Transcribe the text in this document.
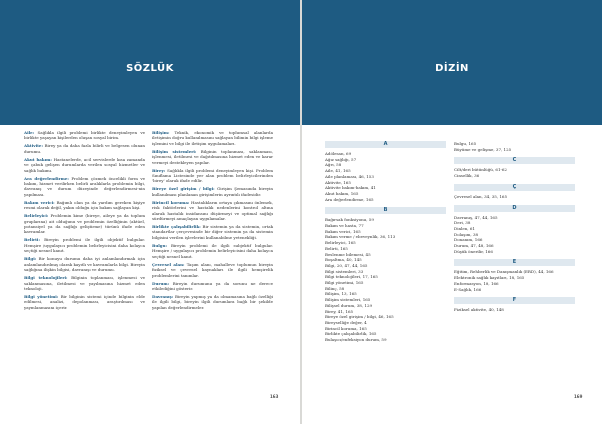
SÖZLÜK
Aile: Sağlıkla ilgili problemi birlikte deneyimleyen ve birlikte yaşayan kişilerden oluşan sosyal birim.
Aktivite: Birey ya da daha fazla bilirli ve belgesen olunan durumu.
Akut bakım: Hastanelerde, acil servislerde kısa zamanda ve çabuk gelişen durumlarda verilen sosyal hizmetler ve sağlık bakımı.
Ara değerlendirme: Problem çözmek öncelikli form ve bakım, hizmet verilirken belirli aralıklarla problemin bilgi, davranış ve durum düzeyinde değerlendirmesi-nin yapılması.
Bakım verici: Bağımlı olan ya da yardım gereken kişiye resmi olarak değil, yakın olduğu için bakım sağlayan kişi.
Belirleyici: Problemin kime (bireye, aileye ya da toplum gruplarına) ait olduğunu ve problemin özelliğinin (aktüel, potansiyel ya da sağlığı geliştirme) türünü ifade eden kavramlar.
Belirti: Bireyin problemi ile ilgili objektif bulgular. Hemşire /uygulayıcı problemin belirleyicisini daha kolayca seçtiği nesnel kanıt.
Bilgi: Bir konuyu durumu daha iyi anlamlandırmak için anlamlandırılmış olarak kayıtlı ve kavramlarla bilgi. Bireyin sağlığına ilişkin bilgisi, davranışı ve durumu.
Bilgi teknolojileri: Bilginin toplanması, işlenmesi ve saklanmasına, iletilmesi ve yayılmasına hizmet eden teknoloji.
Bilgi yönetimi: Bir bilginin sistemi içinde bilginin elde edilmesi, analizi, depolanması, araştırılması ve yaymlanmasını içerir.
Bilişim: Teknik, ekonomik ve toplumsal alanlarda iletişimin doğru kullanılmasını sağlayan bilimin bilgi işleme işlemini ve bilgi ile iletişim uygulamaları.
Bilişim sistemleri: Bilginin toplanması, saklanması, işlenmesi, iletilmesi ve dağıtılmasına hizmet eden ve karar vermeyi destekleyen yapılar.
Birey: Sağlıkla ilgili problemi deneyimleyen kişi. Problem Sınıflama Listesinde yer alan problem belirleyicilerinden 'birey' olarak ifade edilir.
Bireye özel girişim / bilgi: Girişim Şemasında bireyin kullanılması planlanan girişimlerin ayrıntılı ifadesidir.
Birincil koruma: Hastalıkların ortaya çıkmasını önlemek, risk faktörlerini ve hastalık nedenlerini kontrol altına alarak hastalık insidansını düşürmeyi ve optimal sağlığı sürdürmeyi amaçlayan uygulamalar.
Birlikte çalışabilirlik: Bir sistemin ya da sistemin, ortak standartlar çerçevesinde bir diğer sistemin ya da sistemin bilgisini verilen işlevlerini kullanabilme yetenekliği.
Bulgu: Bireyin problemi ile ilgili subjektif bulgular. Hemşire / uygulayıcı problemin belirleyicisini daha kolayca seçtiği nesnel kanıt.
Çevresel alan: Taşım alanı, mahalleve toplumun bireyin fiziksel ve çevresel kaynakları ile ilgili hemşirelik problemlerini tanımlar.
Durum: Bireyin durumunu ya da sorunu ne derece etkilediğini gösterir.
Davranış: Bireyin yapmış ya da olmamasına bağlı özelliği ile ilgili bilgi, bireyin ilgili durumlara bağlı bir şekilde yapılan değerlendirmeler.
163
DİZİN
A
Adölesan, 69
Ağız sağlığı, 57
Ağrı, 58
Aile, 41, 165
Aile planlaması, 46, 153
Aktivite, 165
Aktivite bakım-bakım, 41
Akut bakım, 165
Ara değerlendirme, 165
B
Bağırsak fonksiyonu, 59
Bakım ve hasta, 77
Bakım verici, 165
Bakım verme / ebeveynlik, 36, 113
Belirleyici, 165
Belirti, 165
Beslenme bilemesi, 45
Boşaltma, 40, 145
Bilgi, 20, 47, 44, 165
Bilgi sistemleri, 33
Bilgi teknolojileri, 17, 165
Bilgi yönetimi, 165
Bilinç, 58
Bilişim, 13, 165
Bilişim sistemleri, 165
Bilişsel durum, 38, 129
Birey, 41, 165
Bireye özel girişim / bilgi, 46, 165
Bireyselliğe değer, 4
Birincil koruma, 165
Birlikte çalışabilirlik, 165
Bulaşıcı/enfeksiyon durum, 59
Bulgu, 165
Büyüme ve gelişme, 37, 125
C
Cilt/deri bütünlüğü, 61-62
Cinsellik, 36
Ç
Çevresel alan, 34, 35, 165
D
Davranış, 47, 44, 165
Deri, 38
Dinlen, 61
Dolaşım, 38
Donanım, 166
Durum, 47, 48, 166
Düşük önerilir, 166
E
Eğitim, Rehberlik ve Danışmanlık (ERD), 44, 166
Elektronik sağlık kayıtları, 18, 165
Enformasyon, 18, 166
E-Sağlık, 166
F
Fiziksel aktivite, 40, 148
169
